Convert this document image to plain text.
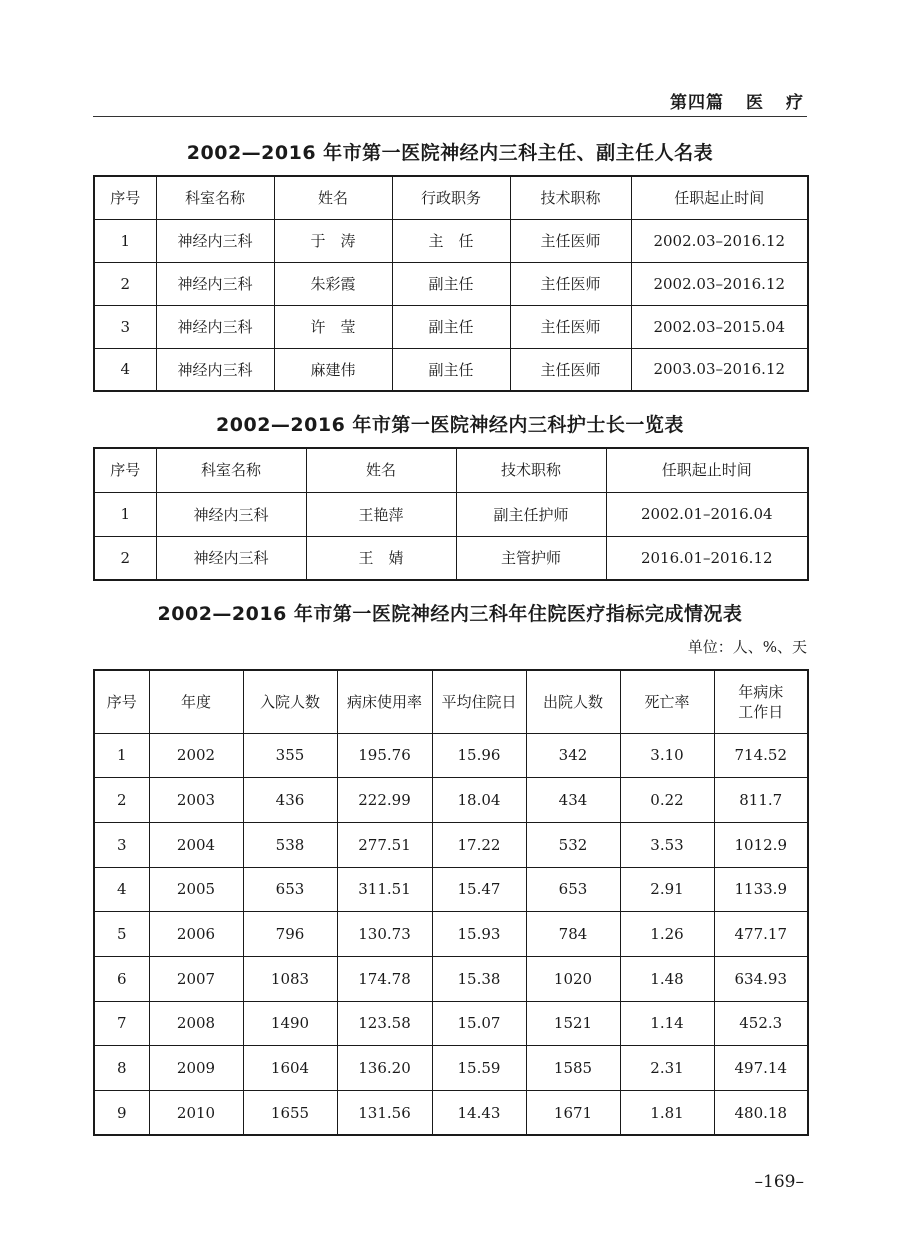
第四篇 医 疗
2002—2016 年市第一医院神经内三科主任、副主任人名表
序号	科室名称	姓名	行政职务	技术职称	任职起止时间
1	神经内三科	于　涛	主　任	主任医师	2002.03–2016.12
2	神经内三科	朱彩霞	副主任	主任医师	2002.03–2016.12
3	神经内三科	许　莹	副主任	主任医师	2002.03–2015.04
4	神经内三科	麻建伟	副主任	主任医师	2003.03–2016.12
2002—2016 年市第一医院神经内三科护士长一览表
序号	科室名称	姓名	技术职称	任职起止时间
1	神经内三科	王艳萍	副主任护师	2002.01–2016.04
2	神经内三科	王　婧	主管护师	2016.01–2016.12
2002—2016 年市第一医院神经内三科年住院医疗指标完成情况表
单位：人、%、天
序号	年度	入院人数	病床使用率	平均住院日	出院人数	死亡率	年病床
工作日
1	2002	355	195.76	15.96	342	3.10	714.52
2	2003	436	222.99	18.04	434	0.22	811.7
3	2004	538	277.51	17.22	532	3.53	1012.9
4	2005	653	311.51	15.47	653	2.91	1133.9
5	2006	796	130.73	15.93	784	1.26	477.17
6	2007	1083	174.78	15.38	1020	1.48	634.93
7	2008	1490	123.58	15.07	1521	1.14	452.3
8	2009	1604	136.20	15.59	1585	2.31	497.14
9	2010	1655	131.56	14.43	1671	1.81	480.18
–169–
